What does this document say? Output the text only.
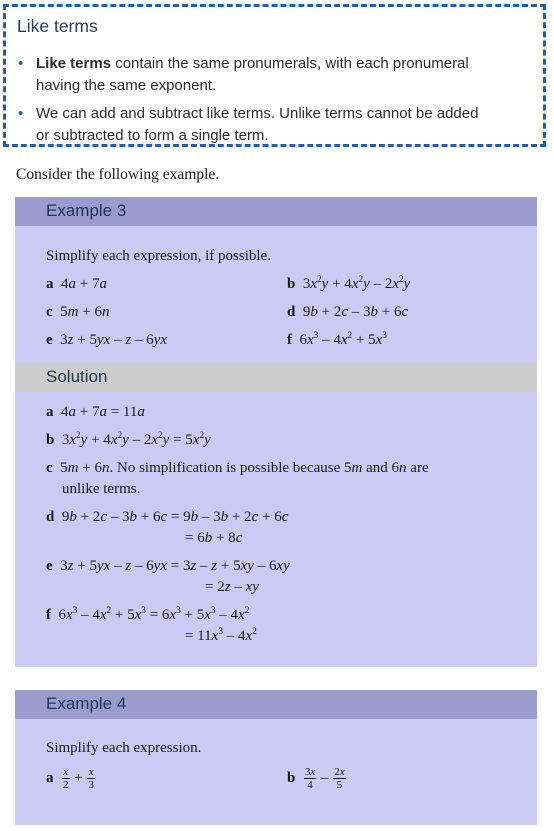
Like terms
• Like terms contain the same pronumerals, with each pronumeral
having the same exponent.
• We can add and subtract like terms. Unlike terms cannot be added
or subtracted to form a single term.
Consider the following example.
Example 3
Simplify each expression, if possible.
a  4a + 7a	b  $3x^2y + 4x^2y - 2x^2y$
c  5m + 6n	d  9b + 2c – 3b + 6c
e  3z + 5yx – z – 6yx	f  $6x^3 - 4x^2 + 5x^3$
Solution
a  4a + 7a = 11a
b  $3x^2y + 4x^2y - 2x^2y = 5x^2y$
c  5m + 6n. No simplification is possible because 5m and 6n are
unlike terms.
d  9b + 2c – 3b + 6c = 9b – 3b + 2c + 6c
= 6b + 8c
e  3z + 5yx – z – 6yx = 3z – z + 5xy – 6xy
= 2z – xy
f  $6x^3 - 4x^2 + 5x^3 = 6x^3 + 5x^3 - 4x^2$
= $11x^3 - 4x^2$
Example 4
Simplify each expression.
a $\frac{x}{2} + \frac{x}{3}$	b $\frac{3x}{4} - \frac{2x}{5}$
